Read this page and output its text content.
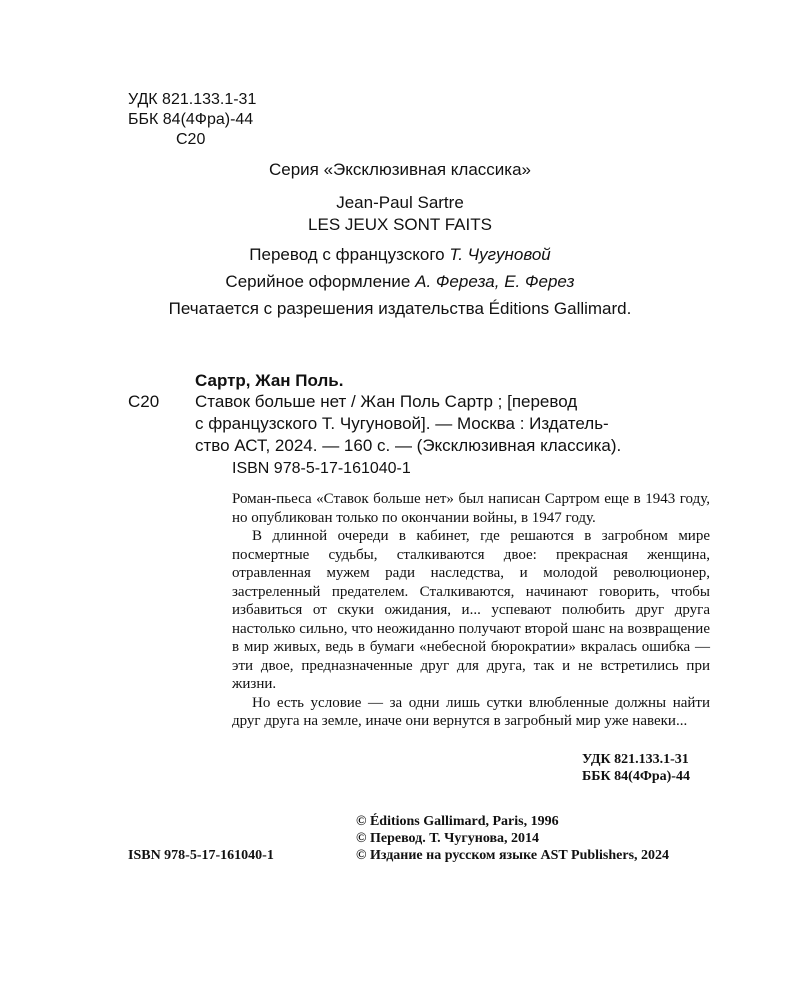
УДК 821.133.1-31
ББК 84(4Фра)-44
С20
Серия «Эксклюзивная классика»
Jean-Paul Sartre
LES JEUX SONT FAITS
Перевод с французского Т. Чугуновой
Серийное оформление А. Фереза, Е. Ферез
Печатается с разрешения издательства Éditions Gallimard.
Сартр, Жан Поль.
С20 Ставок больше нет / Жан Поль Сартр ; [перевод
с французского Т. Чугуновой]. — Москва : Издатель-
ство АСТ, 2024. — 160 с. — (Эксклюзивная классика).
ISBN 978-5-17-161040-1

Роман-пьеса «Ставок больше нет» был написан Сартром еще в 1943 году, но опубликован только по окончании войны, в 1947 году.

В длинной очереди в кабинет, где решаются в загробном мире посмертные судьбы, сталкиваются двое: прекрасная женщина, отравленная мужем ради наследства, и молодой революционер, застреленный предателем. Сталкиваются, начинают говорить, чтобы избавиться от скуки ожидания, и... успевают полюбить друг друга настолько сильно, что неожиданно получают второй шанс на возвращение в мир живых, ведь в бумаги «небесной бюрократии» вкралась ошибка — эти двое, предназначенные друг для друга, так и не встретились при жизни.

Но есть условие — за одни лишь сутки влюбленные должны найти друг друга на земле, иначе они вернутся в загробный мир уже навеки...

УДК 821.133.1-31
ББК 84(4Фра)-44
ISBN 978-5-17-161040-1
© Éditions Gallimard, Paris, 1996
© Перевод. Т. Чугунова, 2014
© Издание на русском языке AST Publishers, 2024
